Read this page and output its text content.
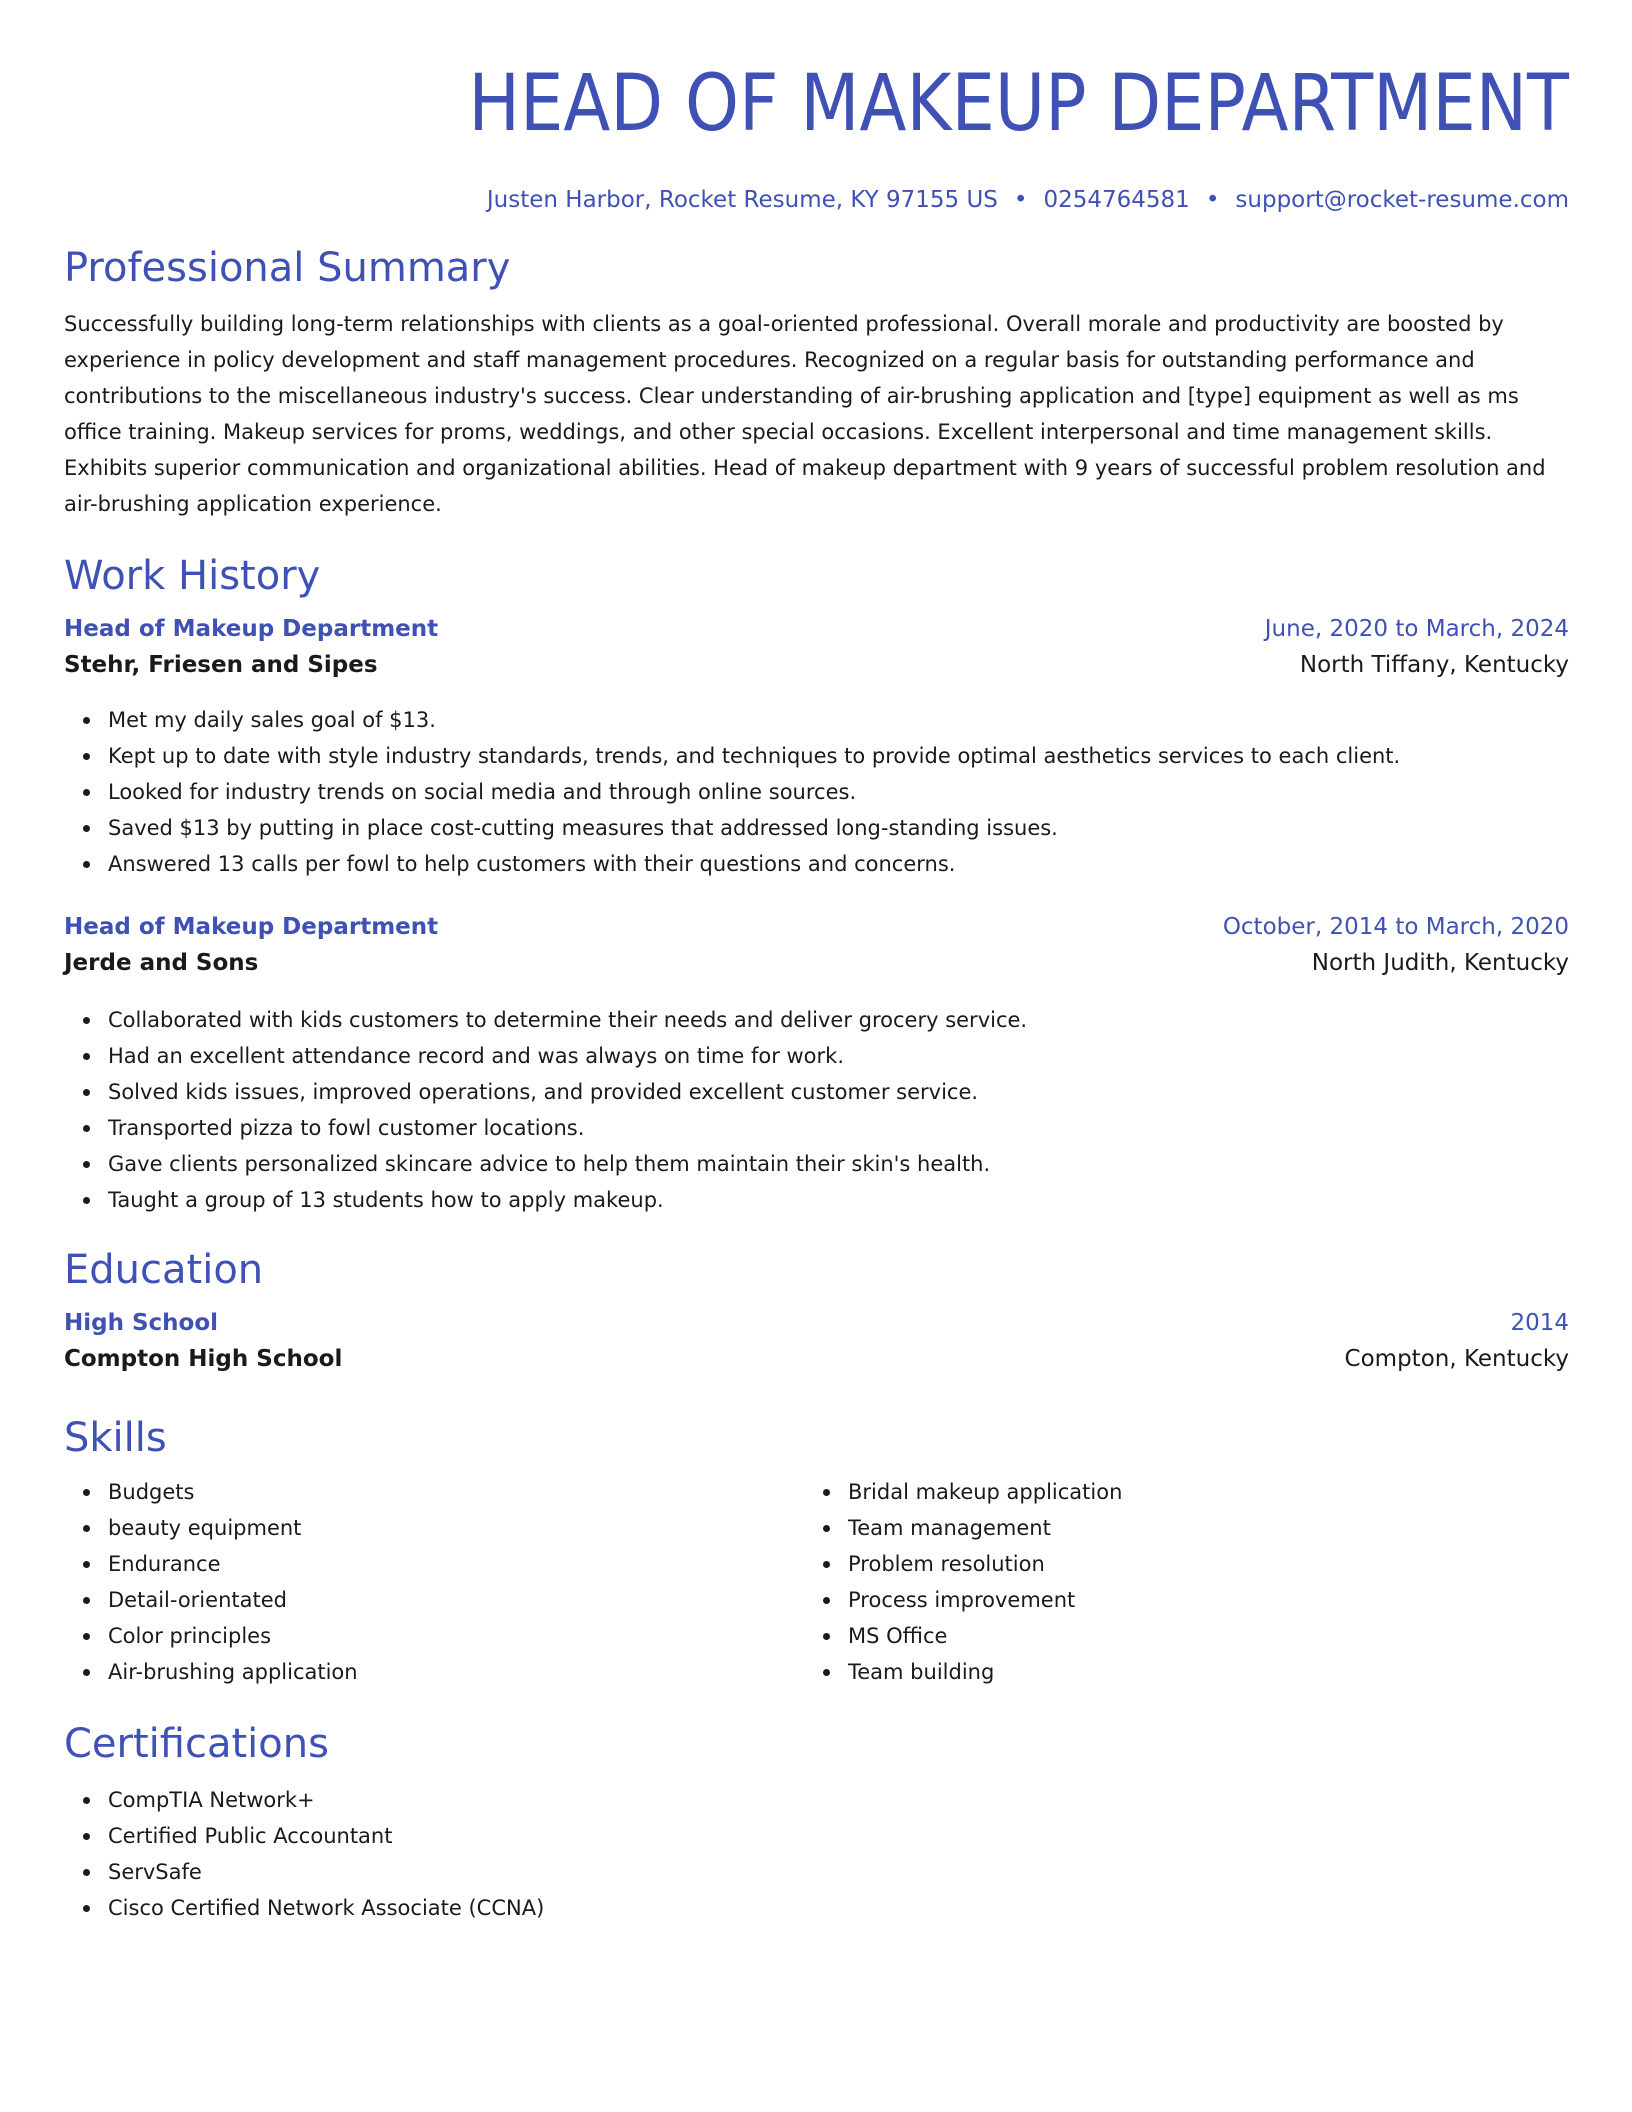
HEAD OF MAKEUP DEPARTMENT
Justen Harbor, Rocket Resume, KY 97155 US • 0254764581 • support@rocket-resume.com
Professional Summary
Successfully building long-term relationships with clients as a goal-oriented professional. Overall morale and productivity are boosted by experience in policy development and staff management procedures. Recognized on a regular basis for outstanding performance and contributions to the miscellaneous industry's success. Clear understanding of air-brushing application and [type] equipment as well as ms office training. Makeup services for proms, weddings, and other special occasions. Excellent interpersonal and time management skills. Exhibits superior communication and organizational abilities. Head of makeup department with 9 years of successful problem resolution and air-brushing application experience.
Work History
Head of Makeup Department	June, 2020 to March, 2024
Stehr, Friesen and Sipes	North Tiffany, Kentucky
Met my daily sales goal of $13.
Kept up to date with style industry standards, trends, and techniques to provide optimal aesthetics services to each client.
Looked for industry trends on social media and through online sources.
Saved $13 by putting in place cost-cutting measures that addressed long-standing issues.
Answered 13 calls per fowl to help customers with their questions and concerns.
Head of Makeup Department	October, 2014 to March, 2020
Jerde and Sons	North Judith, Kentucky
Collaborated with kids customers to determine their needs and deliver grocery service.
Had an excellent attendance record and was always on time for work.
Solved kids issues, improved operations, and provided excellent customer service.
Transported pizza to fowl customer locations.
Gave clients personalized skincare advice to help them maintain their skin's health.
Taught a group of 13 students how to apply makeup.
Education
High School	2014
Compton High School	Compton, Kentucky
Skills
Budgets
beauty equipment
Endurance
Detail-orientated
Color principles
Air-brushing application
Bridal makeup application
Team management
Problem resolution
Process improvement
MS Office
Team building
Certifications
CompTIA Network+
Certified Public Accountant
ServSafe
Cisco Certified Network Associate (CCNA)
